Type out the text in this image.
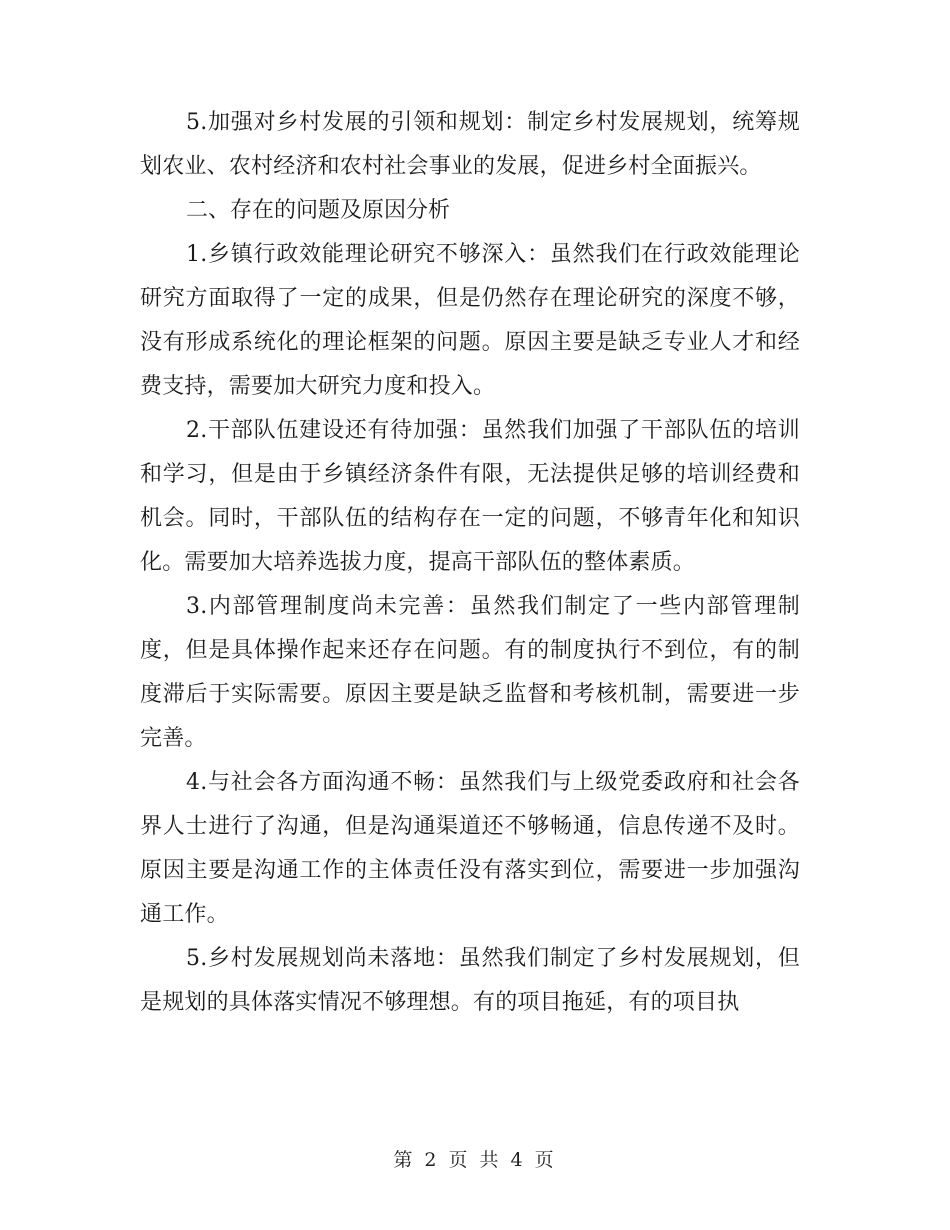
5.加强对乡村发展的引领和规划：制定乡村发展规划，统筹规划农业、农村经济和农村社会事业的发展，促进乡村全面振兴。

二、存在的问题及原因分析

1.乡镇行政效能理论研究不够深入：虽然我们在行政效能理论研究方面取得了一定的成果，但是仍然存在理论研究的深度不够，没有形成系统化的理论框架的问题。原因主要是缺乏专业人才和经费支持，需要加大研究力度和投入。

2.干部队伍建设还有待加强：虽然我们加强了干部队伍的培训和学习，但是由于乡镇经济条件有限，无法提供足够的培训经费和机会。同时，干部队伍的结构存在一定的问题，不够青年化和知识化。需要加大培养选拔力度，提高干部队伍的整体素质。

3.内部管理制度尚未完善：虽然我们制定了一些内部管理制度，但是具体操作起来还存在问题。有的制度执行不到位，有的制度滞后于实际需要。原因主要是缺乏监督和考核机制，需要进一步完善。

4.与社会各方面沟通不畅：虽然我们与上级党委政府和社会各界人士进行了沟通，但是沟通渠道还不够畅通，信息传递不及时。原因主要是沟通工作的主体责任没有落实到位，需要进一步加强沟通工作。

5.乡村发展规划尚未落地：虽然我们制定了乡村发展规划，但是规划的具体落实情况不够理想。有的项目拖延，有的项目执

第 2 页 共 4 页
